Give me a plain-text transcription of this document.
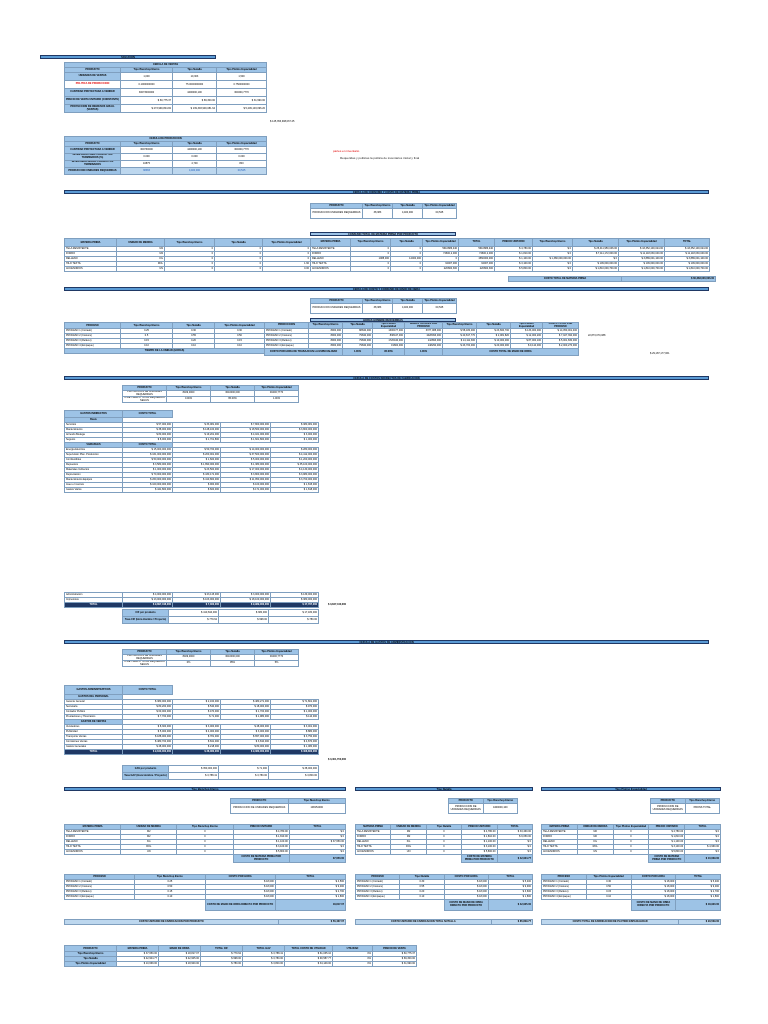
SOLUCION
CEDULA DE VENTAS			
PRODUCTO	Tipo Bienchop Eterno	Tipo Nutalla	Tipo Plotino Espacialidad
UNIDADES DE VENTAS	1,000	10,303	1,500
POLITICA DE PRODUCCION	0.1000000000	75.0000000000	0.7500000000
CANTIDAD PROYECTADA A VENDER	30073000000	4400000,100	300340,7770
PRECIO DE VENTA UNITARIO (CONSTANTE)	$ 60,775.37	$ 69,300.00	$ 31,990.00
PROYECCION DE INGRESOS ANUAL (VENTAS)	$ 273,990,804.82	$ 139,393,900,081.64	$ 5,209,103,096.20
$ 145,353,908,067.45
CEDULA DE PRODUCCION			
PRODUCTO	Tipo Bienchop Eterno	Tipo Nutalla	Tipo Plotino Espacialidad
CANTIDAD PROYECTADA A VENDER	300730000	4400000,100	300340,7770
INVENTARIO FINAL PRODUCTOS TERMINADOS (%)	0.000	0.000	0.000
INVENTARIO INICIAL PRODUCTOS TERMINADOS	10875	4,700	800
PRODUCCION UNIDADES REQUERIDAS	38383	4,400,000	00,545
partes en inventario
Requeridas y politicas la politica de inventarios inicial y final
CEDULA DE CONSUMO Y COSTO DE MATERIA PRIMA
PRODUCTO	Tipo Bienchop Eterno	Tipo Nutalla	Tipo Plotino Espacialidad
PRODUCCION UNIDADES REQUERIDAS	38,383	4,400,000	00,545
CONSUMO TOTAL DE MATERIA PRIMA POR PRODUCTO
MATERIA PRIMA	UNIDAD DE MEDIDA	Tipo Bienchop Eterno	Tipo Nutalla	Tipo Plotino Espacialidad
TELA RESISTENTE	M2	0	0	0
FORRO	M2	0	0	0
RELLENO	KG	0	0	0
HILO TEXTIL	ROL	0	0	1.60
ACCESORIOS	UN	0	0	0.00
MATERIA PRIMA	Tipo Bienchop Eterno	Tipo Nutalla	Tipo Plotino Espacialidad	TOTAL	PRECIO UNITARIO	Tipo Bienchop Eterno	Tipo Nutalla	Tipo Plotino Espacialidad	TOTAL
TELA RESISTENTE	0	0	5610886,440	5610886,440	$ 4,780.00	$ 0	$ 25,411,950,046.00	$ 43,352,100,024.00	$ 43,352,100,024.00
FORRO	0	0	74600,2,000	74600,2,000	$ 1,810.00	$ 0	$ 7,111,172,000.00	$ 11,118,030,040.00	$ 11,118,030,040.00
RELLENO	1088,000	14000,000	0	1560000,000	$ 1,100.00	$ 1,380,000,000.00	$ 0	$ 3,889,001,100.00	$ 3,889,001,100.00
HILO TEXTIL	0	0	34007,000	34007,000	$ 3,100.00	$ 0	$ 109,600,000.00	$ 109,600,000.00	$ 109,600,000.00
ACCESORIOS	0	0	220800,300	220800,300	$ 5,800.00	$ 0	$ 1,810,000,700.00	$ 1,810,000,700.00	$ 1,810,000,700.00
COSTO TOTAL DE MATERIA PRIMA	$ 60,383,000,006.00
CEDULA DE COSTO Y CONSUMO DE MANO DE OBRA
PRODUCTO	Tipo Bienchop Eterno	Tipo Nutalla	Tipo Plotino Espacialidad
PRODUCCION UNIDADES REQUERIDAS	38,383	4,400,000	00,545
HORAS HOMBRE REQUERIDAS
PROCESO	Tipo Bienchop Eterno	Tipo Nutalla	Tipo Plotino Espacialidad
PROCESO 1 (Cortado)	0.25	0.30	0.30
PROCESO 2 (Costura)	0.5	0.55	0.50
PROCESO 3 (Relleno)	0.15	0.20	0.15
PROCESO 4 (Empaque)	0.10	0.10	0.10
TIEMPO DE LA UNIDAD (HORAS)			
PRODUCCION	Tipo Bienchop Eterno	Tipo Nutalla	Tipo Plotino Espacialidad	HORAS TOTALES POR PROCESO	Tipo Bienchop Eterno	Tipo Nutalla	Tipo Plotino Espacialidad	COSTO TOTAL POR PROCESO
PROCESO 1 (Cortado)	8900,000	88840,000	1306477,000	3377,088,000	$ 58,180,000	$ 23,660,700	$ 133,000,000	$ 14,050,001,400
PROCESO 2 (Costura)	8900,000	79840,000	838447,000	1028093,000	$ 40,817,770	$ 2,081,820	$ 12,000,200	$ 7,027,390,000
PROCESO 3 (Relleno)	8900,000	79840,000	1726440,000	142893,000	$ 14,111,300	$ 10,000,000	$ 87,000,100	$ 5,001,830,000
PROCESO 4 (Empaque)	8900,000	79840,000	19800,000	148290,000	$ 43,700,000	$ 20,000,000	$ 9,110,000	$ 2,000,270,000
COSTO POR HORA DE TRABAJO EN LA ESPECIALIDAD		1.00%	95.00%	1.00%	COSTO TOTAL DE MANO DE OBRA			
$ 29,187,177,061
22,873,070,088
CEDULA DE COSTOS INDIRECTOS DE FABRICACION
PRODUCTO	Tipo Bienchop Eterno	Tipo Nutalla	Tipo Plotino Espacialidad
PROYECCION DE UNIDADES REQUERIDAS	8409,0000	3010000,000	00400,7770
% DE TIEMPO TOTAL REQUERIDO SEGUN	0.00%	95.00%	1.00%
GASTOS INDIRECTOS	COSTO TOTAL			
Basis				
Servicios	$ 57,000,000	$ 33,081,000	$ 7,800,000,000	$ 380,081,000
Mantenimiento	$ 38,000,000	$ 148,100,000	$ 18,560,000,000	$ 3,800,000,000
Arriendo Bodega	$ 80,000,000	$ 19,201,000	$ 4,021,000,000	$ 3,000,000
Seguros	$ 8,000,000	$ 1,701,800	$ 1,601,800,000	$ 1,000,000
VARIABLES	COSTO TOTAL			
Energia Electrica	$ 15,000,000,000	$ 50,700,000	$ 14,000,000,000	$ 280,000,000
Supervision Plan. Produccion	$ 161,000,000,000	$ 200,001,000	$ 37,500,000,000	$ 4,412,000,000
Combustibles	$ 50,000,000,000	$ 1,600,000	$ 5,000,000,000	$ 1,200,000,000
Repuestos	$ 3,580,000,000	$ 1,890,000,000	$ 1,380,000,000	$ 35,100,000,000
Materiales Indirectos	$ 1,000,000,000	$ 23,500,000	$ 17,000,000,000	$ 4,130,000,000
Depreciacion	$ 70,000,000,000	$ 430,171,000	$ 3,800,000,000	$ 3,980,000,000
Mantenimiento Equipos	$ 260,000,000,000	$ 410,800,000	$ 11,950,000,000	$ 3,700,000,000
Aseo e Insumos	$ 100,000,000,000	$ 900,000	$ 100,000,000	$ 1,815,000
Gastos Varios	$ 441,800,000	$ 600,000	$ 171,000,000	$ 1,818,000
Administracion	$ 4,000,000,000	$ 23,115,000	$ 3,000,000,000	$ 139,000,000
Imprevistos	$ 13,000,000,000	$ 103,000,000	$ 18,100,000,000	$ 380,000,000
TOTAL	$ 9,897,448,000	$ 7,300,000	$ 9,989,000,000	$ 47,787,000	$ 3,847,440,000
CIF por producto	$ 410,844,000	$ 380,000	$ 17,180,000
Tasa CIF (Hora Hombre / Proyecto)	$ 779.62	$ 998.00	$ 780.00
CEDULA DE GASTOS DE ADMINISTRACION
PRODUCTO	Tipo Bienchop Eterno	Tipo Nutalla	Tipo Plotino Espacialidad
PROYECCION DE UNIDADES REQUERIDAS	8409,0000	3010000,000	00400,7770
% DE TIEMPO TOTAL REQUERIDO SEGUN	0%	95%	5%
GASTOS ADMINISTRATIVOS	COSTO TOTAL			
GASTOS DEL PERSONAL				
Gerente General	$ 380,000,000	$ 2,160,000	$ 480,271,000	$ 71,801,000
Secretaria	$ 80,200,000	$ 540,000	$ 18,000,000	$ 970,000
Contador Publico	$ 60,000,000	$ 470,000	$ 1,700,000	$ 1,000,000
Prestaciones y Honorarios	$ 7,700,000	$ 71,000	$ 1,980,000	$ 110,000
GASTOS DE VENTAS				
Vendedores	$ 8,300,000	$ 3,000,000	$ 48,000,000	$ 3,001,000
Publicidad	$ 5,000,000	$ 4,000,000	$ 3,000,000	$ 880,000
Transporte Ventas	$ 188,000,000	$ 781,000	$ 657,000,000	$ 3,750,000
Comisiones Ventas	$ 480,700,000	$ 841,000	$ 3,810,000	$ 4,870,000
Gastos Generales	$ 48,000,000	$ 218,000	$ 80,000,000	$ 1,080,000
TOTAL	$ 9,840,000,000	$ 38,080,000	$ 9,080,000,000	$ 408,800,000
$ 3,401,700,000
GAV por producto	$ 350,000,000	$ 71,000	$ 38,000,000
Tasa GAV (Hora Hombre / Proyecto)	$ 3,788.41	$ 3,780.00	$ 3,800.00
Tipo Bienchop Eterno
PRODUCTO	Tipo Bienchop Eterno
PRODUCCION DE UNIDADES REQUERIDAS	108154000
MATERIA PRIMA	UNIDAD DE MEDIDA	Tipo Bienchop Eterno	PRECIO UNITARIO	TOTAL
TELA RESISTENTE	M2	0	$ 4,780.00	$ 0
FORRO	M2	0	$ 1,810.00	$ 0
RELLENO	KG	0	$ 1,100.00	$ 37,650.00
HILO TEXTIL	ROL	0	$ 3,100.00	$ 0
ACCESORIOS	UN	0	$ 5,800.00	$ 0
			COSTO DE MATERIA PRIMA POR PRODUCTO	37,650.00
PROCESO	Tipo Bienchop Eterno	COSTO POR HORA	TOTAL
PROCESO 1 (Cortado)	0.25	$ 18,000	$ 4,500
PROCESO 2 (Costura)	0.50	$ 18,000	$ 9,000
PROCESO 3 (Relleno)	0.15	$ 18,000	$ 2,700
PROCESO 4 (Empaque)	0.10	$ 18,000	$ 1,800
		COSTO DE MANO DE OBRA DIRECTA POR PRODUCTO	18,817.07
COSTO UNITARIO DE FABRICACION POR PRODUCTO	$ 56,467.07
Tipo Nutalla
PRODUCTO	Tipo Bienchop Eterno
PRODUCCION DE UNIDADES REQUERIDAS	4400000,100
MATERIA PRIMA	UNIDAD DE MEDIDA	Tipo Nutalla	PRECIO UNITARIO	TOTAL
TELA RESISTENTE	M2	0	$ 4,780.00	$ 33,460.00
FORRO	M2	0	$ 1,810.00	$ 9,050.00
RELLENO	KG	0	$ 1,100.00	$ 0
HILO TEXTIL	ROL	0	$ 3,100.00	$ 0
ACCESORIOS	UN	0	$ 5,800.00	$ 0
			COSTO DE MATERIA PRIMA POR PRODUCTO	$ 42,904.77
PROCESO	Tipo Nutalla	COSTO POR HORA	TOTAL
PROCESO 1 (Cortado)	0.30	$ 18,000	$ 5,400
PROCESO 2 (Costura)	0.55	$ 18,000	$ 9,900
PROCESO 3 (Relleno)	0.20	$ 18,000	$ 3,600
PROCESO 4 (Empaque)	0.10	$ 18,000	$ 1,800
		COSTO DE MANO DE OBRA DIRECTA POR PRODUCTO	$ 42,905.00
COSTO UNITARIO DE FABRICACION TOTAL NUTALLA	$ 85,809.77
Tipo Plotino Espacialidad
PRODUCTO	Tipo Bienchop Eterno
PRODUCCION DE UNIDADES REQUERIDAS	PRONS TOTAL
MATERIA PRIMA	UNIDAD DE MEDIDA	Tipo Plotino Espacialidad	PRECIO UNITARIO	TOTAL
TELA RESISTENTE	M2	0	$ 4,780.00	$ 0
FORRO	M2	0	$ 1,810.00	$ 0
RELLENO	KG	0	$ 1,100.00	$ 0
HILO TEXTIL	ROL	0	$ 3,100.00	$ 4,960.00
ACCESORIOS	UN	0	$ 5,800.00	$ 0
			COSTO DE MATERIA PRIMA POR PRODUCTO	$ 10,669.00
PROCESO	Tipo Plotino Espacialidad	COSTO POR HORA	TOTAL
PROCESO 1 (Cortado)	0.30	$ 18,000	$ 5,400
PROCESO 2 (Costura)	0.50	$ 18,000	$ 9,000
PROCESO 3 (Relleno)	0.15	$ 18,000	$ 2,700
PROCESO 4 (Empaque)	0.10	$ 18,000	$ 1,800
		COSTO DE MANO DE OBRA DIRECTA POR PRODUCTO	$ 18,900.00
COSTO TOTAL DE FABRICACION DE PLOTINO ESPACIALIDAD	$ 29,569.00
PRODUCTO	MATERIA PRIMA	MANO DE OBRA	TOTAL CIF	TOTAL GAV	TOTAL COSTO DE UTILIDAD	UTILIDAD	PRECIO DE VENTA
Tipo Bienchop Eterno	$ 37,650.00	$ 18,817.07	$ 779.62	$ 3,788.41	$ 61,035.10	0%	$ 60,775.37
Tipo Nutalla	$ 42,904.77	$ 42,905.00	$ 998.00	$ 3,780.00	$ 90,587.77	0%	$ 69,300.00
Tipo Plotino Espacialidad	$ 10,669.00	$ 18,900.00	$ 780.00	$ 3,800.00	$ 34,149.00	0%	$ 31,990.00
